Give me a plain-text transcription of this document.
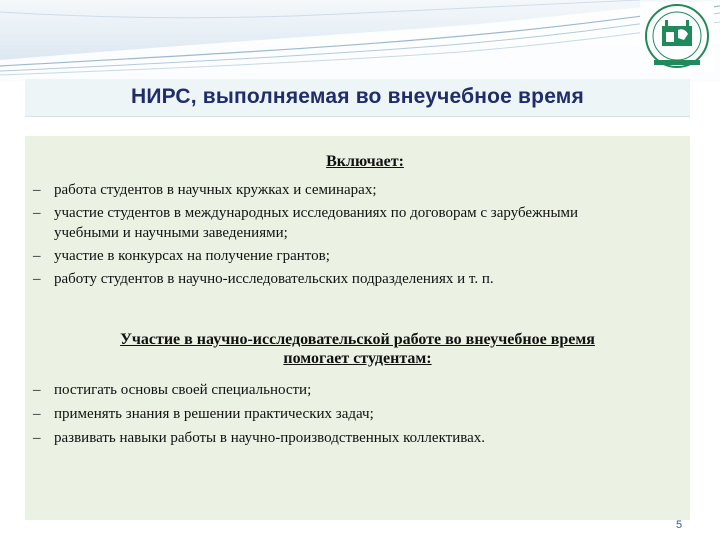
НИРС, выполняемая во внеучебное время
Включает:
– работа студентов в научных кружках и семинарах;
– участие студентов в международных исследованиях по договорам с зарубежными учебными и научными заведениями;
– участие в конкурсах на получение грантов;
– работу студентов в научно-исследовательских подразделениях и т. п.
Участие в научно-исследовательской работе во внеучебное время
помогает студентам:
– постигать основы своей специальности;
– применять знания в решении практических задач;
– развивать навыки работы в научно-производственных коллективах.
5
